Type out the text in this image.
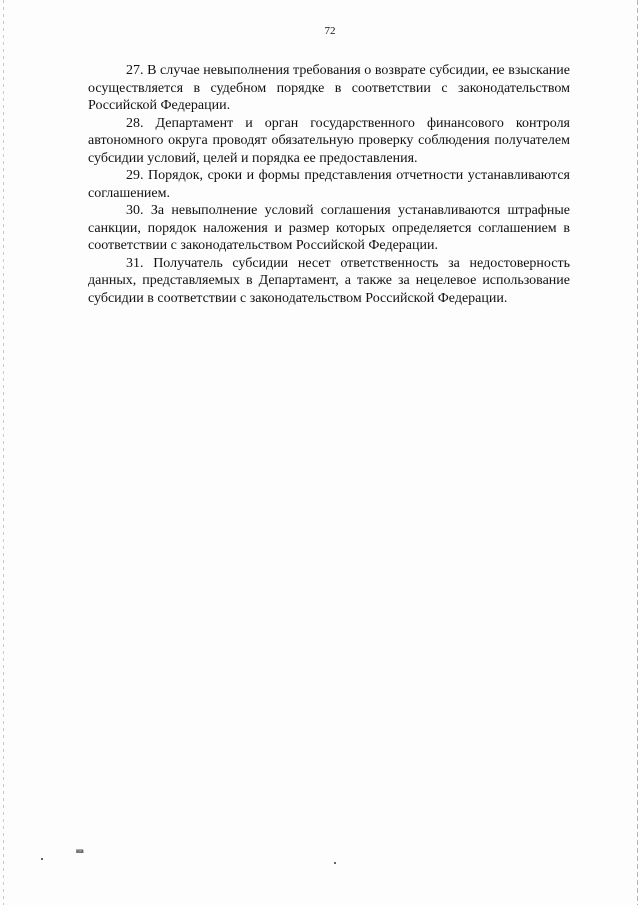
72

27. В случае невыполнения требования о возврате субсидии, ее взыскание осуществляется в судебном порядке в соответствии с законодательством Российской Федерации.

28. Департамент и орган государственного финансового контроля автономного округа проводят обязательную проверку соблюдения получателем субсидии условий, целей и порядка ее предоставления.

29. Порядок, сроки и формы представления отчетности устанавливаются соглашением.

30. За невыполнение условий соглашения устанавливаются штрафные санкции, порядок наложения и размер которых определяется соглашением в соответствии с законодательством Российской Федерации.

31. Получатель субсидии несет ответственность за недостоверность данных, представляемых в Департамент, а также за нецелевое использование субсидии в соответствии с законодательством Российской Федерации.

ив
